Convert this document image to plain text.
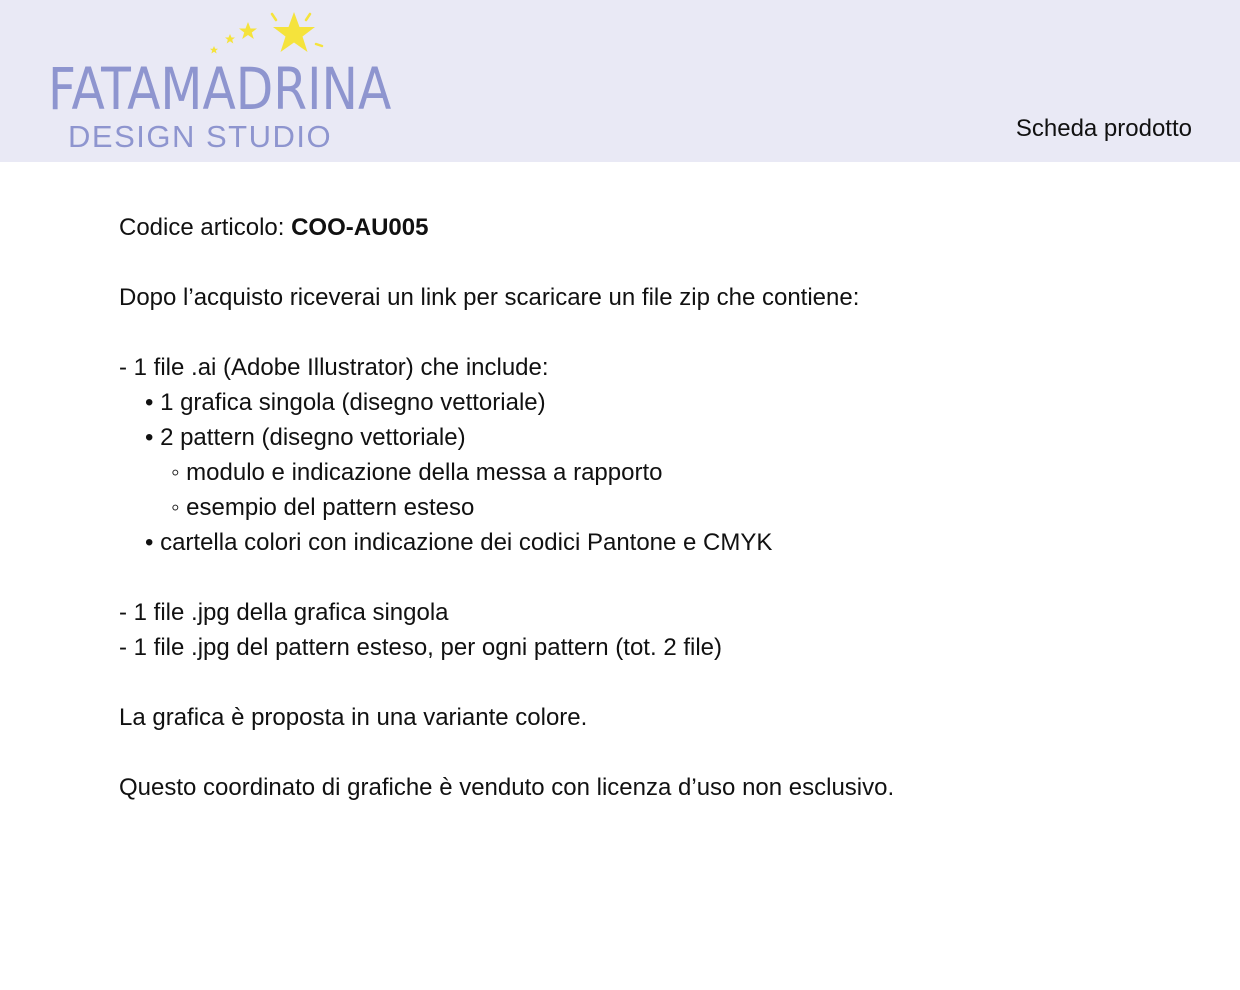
FATAMADRINA
DESIGN STUDIO	Scheda prodotto
Codice articolo: COO-AU005
Dopo l’acquisto riceverai un link per scaricare un file zip che contiene:
- 1 file .ai (Adobe Illustrator) che include:
• 1 grafica singola (disegno vettoriale)
• 2 pattern (disegno vettoriale)
◦ modulo e indicazione della messa a rapporto
◦ esempio del pattern esteso
• cartella colori con indicazione dei codici Pantone e CMYK
- 1 file .jpg della grafica singola
- 1 file .jpg del pattern esteso, per ogni pattern (tot. 2 file)
La grafica è proposta in una variante colore.
Questo coordinato di grafiche è venduto con licenza d’uso non esclusivo.
